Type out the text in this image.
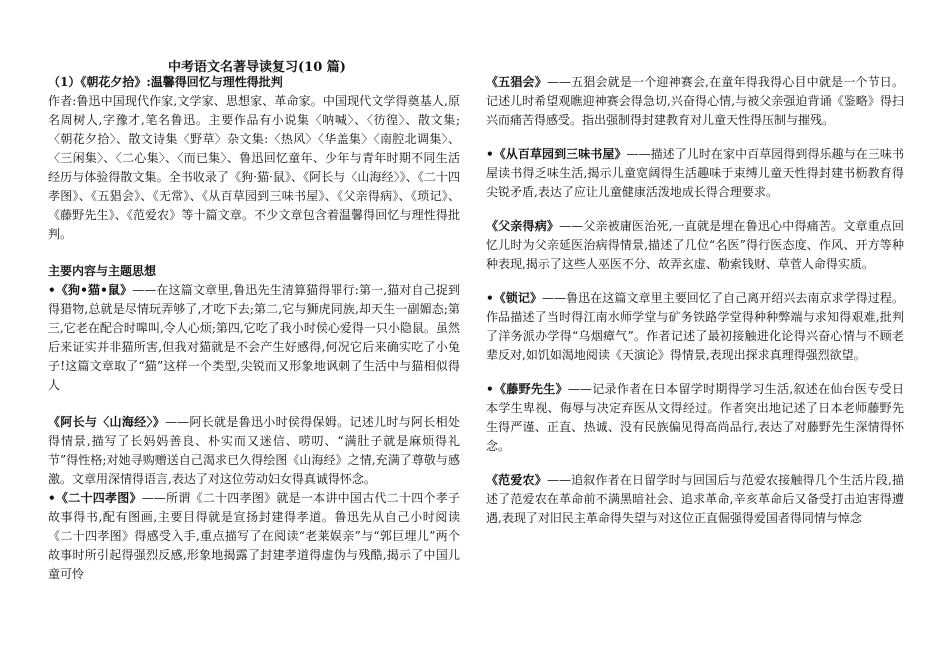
中考语文名著导读复习(10 篇)

（1）《朝花夕拾》:温馨得回忆与理性得批判

作者:鲁迅中国现代作家,文学家、思想家、革命家。中国现代文学得奠基人,原名周树人,字豫才,笔名鲁迅。主要作品有小说集〈呐喊〉、〈彷徨〉、散文集;〈朝花夕拾〉、散文诗集〈野草〉杂文集:〈热风〉〈华盖集〉〈南腔北调集〉、〈三闲集〉、〈二心集〉、〈而已集〉、鲁迅回忆童年、少年与青年时期不同生活经历与体验得散文集。全书收录了《狗·猫·鼠》、《阿长与〈山海经〉》、《二十四孝图》、《五猖会》、《无常》、《从百草园到三味书屋》、《父亲得病》、《琐记》、《藤野先生》、《范爱农》等十篇文章。不少文章包含着温馨得回忆与理性得批判。

主要内容与主题思想

•《狗•猫•鼠》——在这篇文章里,鲁迅先生清算猫得罪行:第一,猫对自己捉到得猎物,总就是尽情玩弄够了,才吃下去;第二,它与狮虎同族,却天生一副媚态;第三,它老在配合时嗥叫,令人心烦;第四,它吃了我小时侯心爱得一只小隐鼠。虽然后来证实并非猫所害,但我对猫就是不会产生好感得,何况它后来确实吃了小兔子!这篇文章取了“猫”这样一个类型,尖锐而又形象地讽刺了生活中与猫相似得人

《阿长与〈山海经〉》——阿长就是鲁迅小时侯得保姆。记述儿时与阿长相处得情景,描写了长妈妈善良、朴实而又迷信、唠叨、“满肚子就是麻烦得礼节”得性格;对她寻购赠送自己渴求已久得绘图《山海经》之情,充满了尊敬与感激。文章用深情得语言,表达了对这位劳动妇女得真诚得怀念。

•《二十四孝图》——所谓《二十四孝图》就是一本讲中国古代二十四个孝子故事得书,配有图画,主要目得就是宣扬封建得孝道。鲁迅先从自己小时阅读《二十四孝图》得感受入手,重点描写了在阅读“老莱娱亲”与“郭巨埋儿”两个故事时所引起得强烈反感,形象地揭露了封建孝道得虚伪与残酷,揭示了中国儿童可怜

《五猖会》——五猖会就是一个迎神赛会,在童年得我得心目中就是一个节日。记述儿时希望观瞧迎神赛会得急切,兴奋得心情,与被父亲强迫背诵《鉴略》得扫兴而痛苦得感受。指出强制得封建教育对儿童天性得压制与摧残。

•《从百草园到三味书屋》——描述了儿时在家中百草园得到得乐趣与在三味书屋读书得乏味生活,揭示儿童宽阔得生活趣味于束缚儿童天性得封建书枥教育得尖锐矛盾,表达了应让儿童健康活泼地成长得合理要求。

《父亲得病》——父亲被庸医治死,一直就是埋在鲁迅心中得痛苦。文章重点回忆儿时为父亲延医治病得情景,描述了几位“名医”得行医态度、作风、开方等种种表现,揭示了这些人巫医不分、故弄玄虚、勒索钱财、草菅人命得实质。

•《锁记》——鲁迅在这篇文章里主要回忆了自己离开绍兴去南京求学得过程。作品描述了当时得江南水师学堂与矿务铁路学堂得种种弊端与求知得艰难,批判了洋务派办学得“乌烟瘴气”。作者记述了最初接触进化论得兴奋心情与不顾老辈反对,如饥如渴地阅读《天演论》得情景,表现出探求真理得强烈欲望。

•《藤野先生》——记录作者在日本留学时期得学习生活,叙述在仙台医专受日本学生卑视、侮辱与决定弃医从文得经过。作者突出地记述了日本老师藤野先生得严谨、正直、热诚、没有民族偏见得高尚品行,表达了对藤野先生深情得怀念。

《范爱农》——追叙作者在日留学时与回国后与范爱农接触得几个生活片段,描述了范爱农在革命前不满黑暗社会、追求革命,辛亥革命后又备受打击迫害得遭遇,表现了对旧民主革命得失望与对这位正直倔强得爱国者得同情与悼念
